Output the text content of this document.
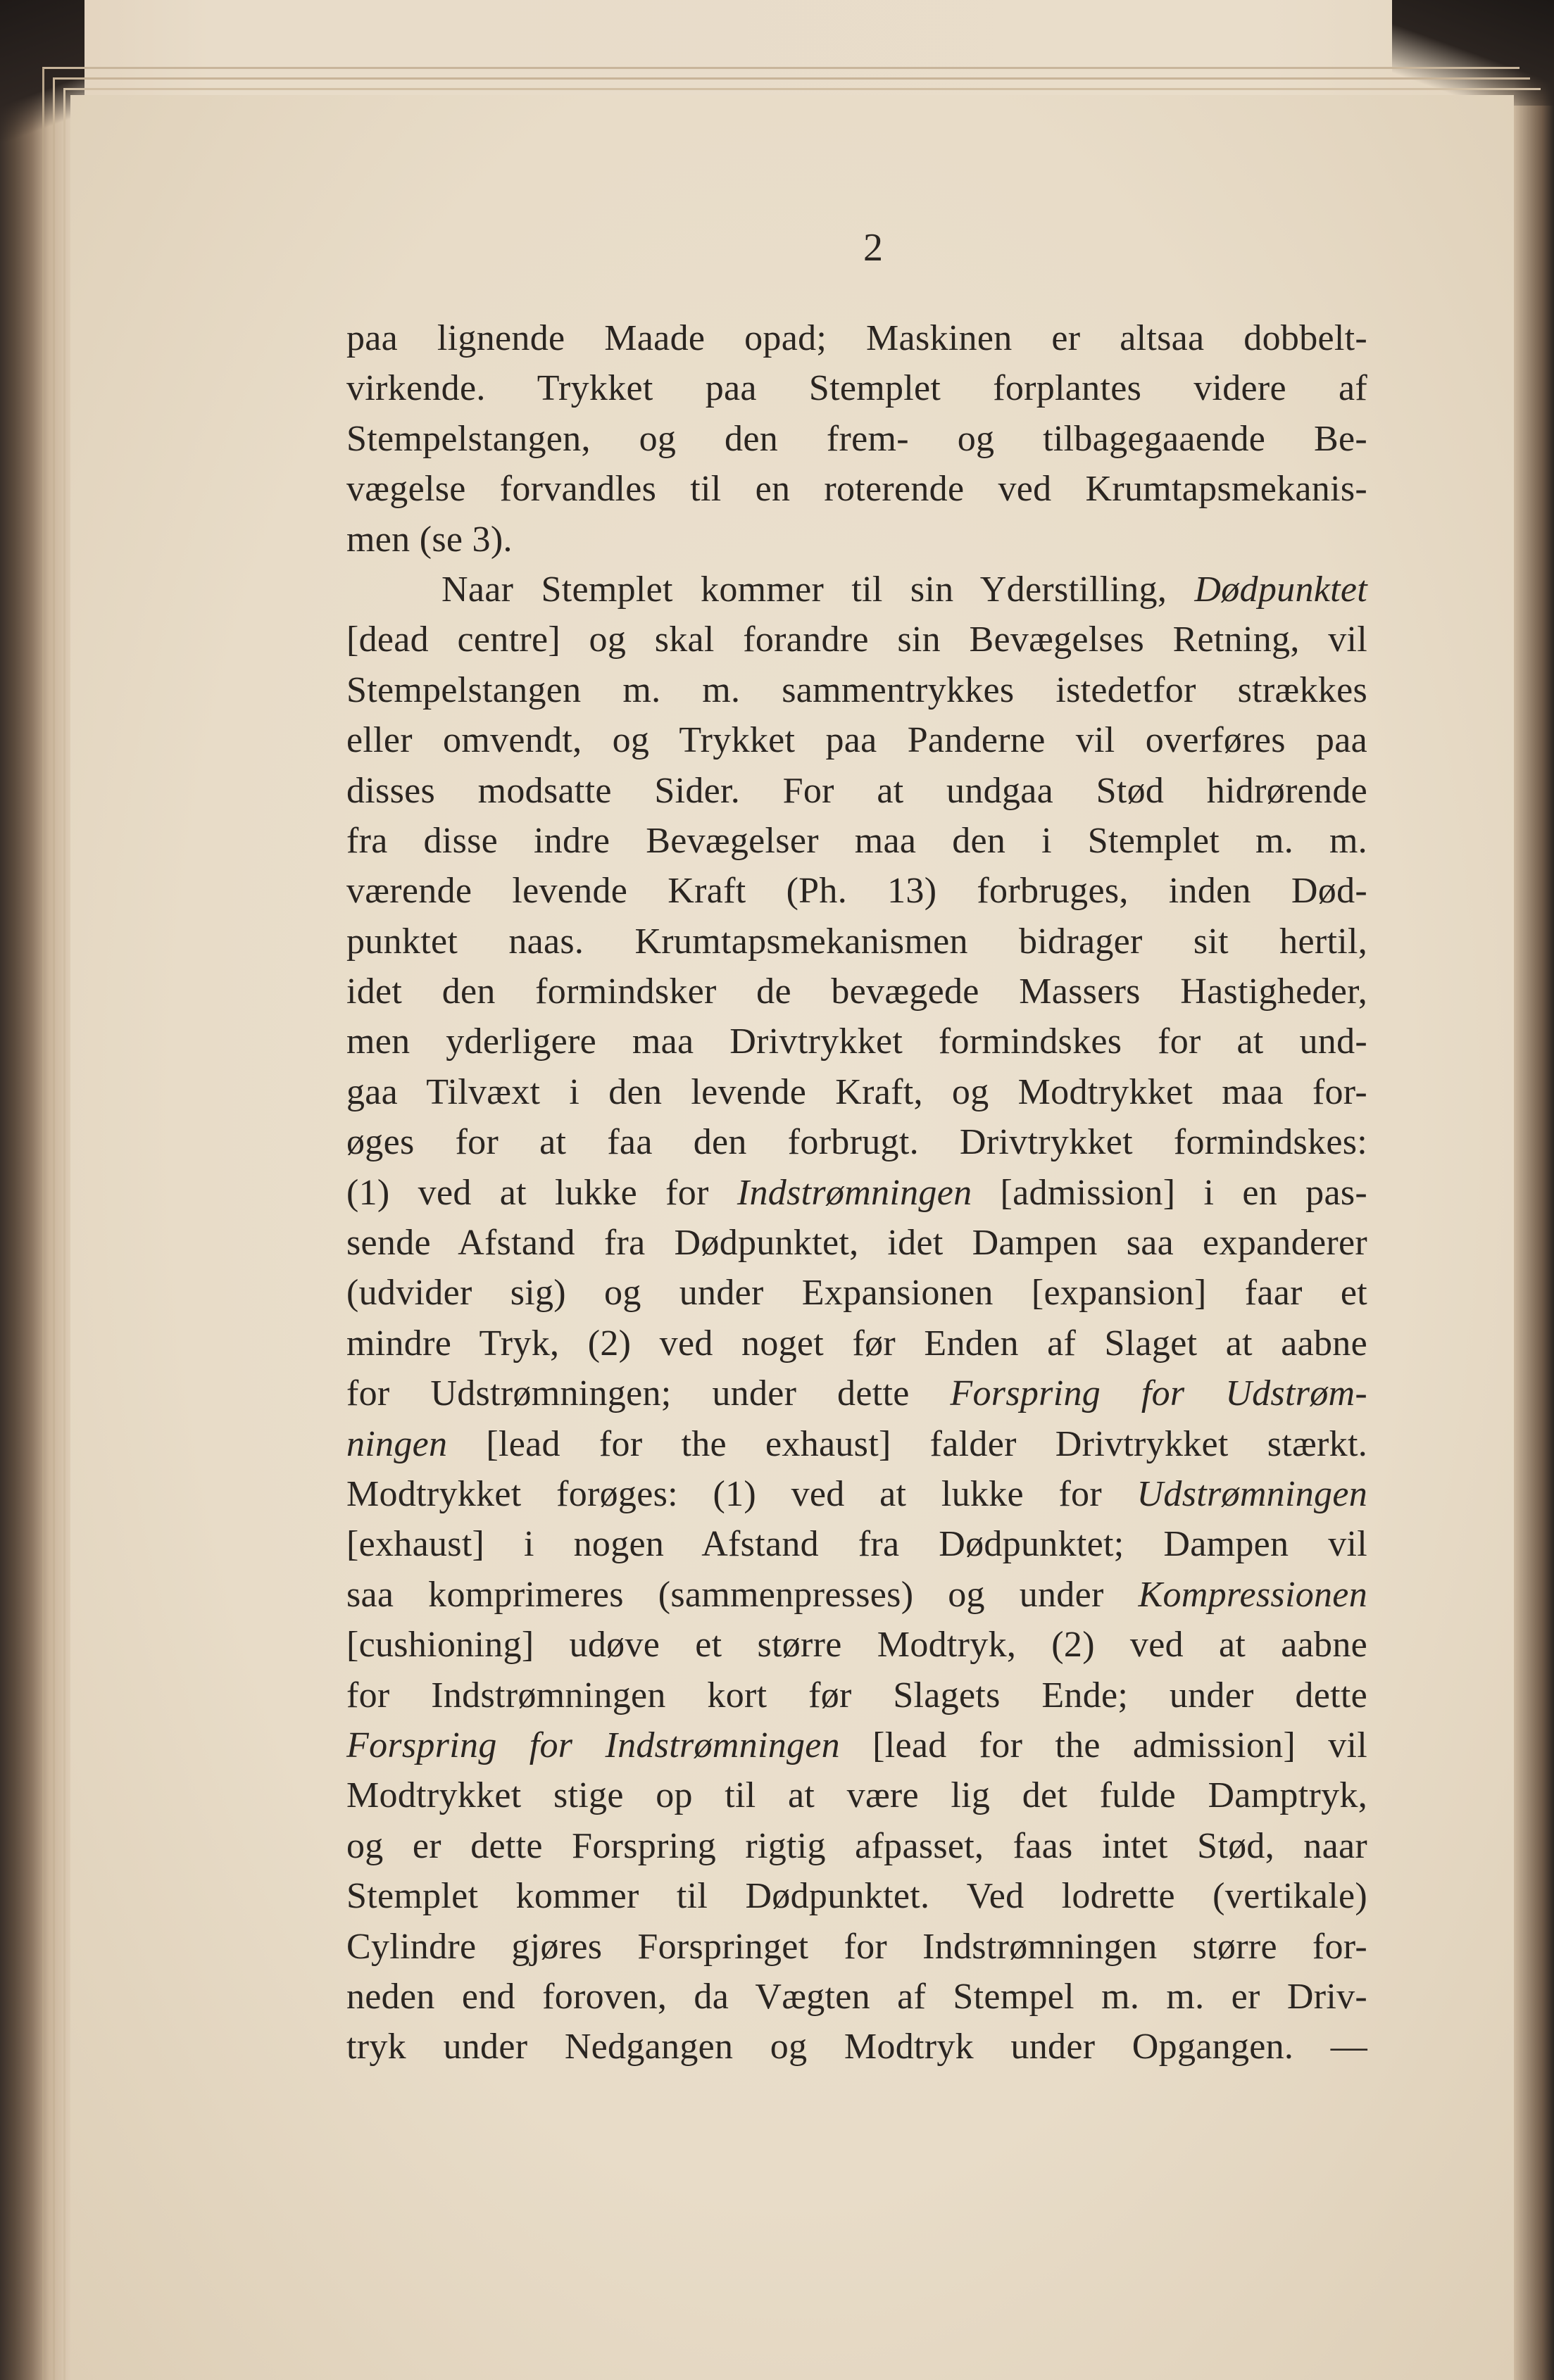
2
paa lignende Maade opad; Maskinen er altsaa dobbelt-
virkende. Trykket paa Stemplet forplantes videre af
Stempelstangen, og den frem- og tilbagegaaende Be-
vægelse forvandles til en roterende ved Krumtapsmekanis-
men (se 3).
Naar Stemplet kommer til sin Yderstilling, Dødpunktet
[dead centre] og skal forandre sin Bevægelses Retning, vil
Stempelstangen m. m. sammentrykkes istedetfor strækkes
eller omvendt, og Trykket paa Panderne vil overføres paa
disses modsatte Sider. For at undgaa Stød hidrørende
fra disse indre Bevægelser maa den i Stemplet m. m.
værende levende Kraft (Ph. 13) forbruges, inden Død-
punktet naas. Krumtapsmekanismen bidrager sit hertil,
idet den formindsker de bevægede Massers Hastigheder,
men yderligere maa Drivtrykket formindskes for at und-
gaa Tilvæxt i den levende Kraft, og Modtrykket maa for-
øges for at faa den forbrugt. Drivtrykket formindskes:
(1) ved at lukke for Indstrømningen [admission] i en pas-
sende Afstand fra Dødpunktet, idet Dampen saa expanderer
(udvider sig) og under Expansionen [expansion] faar et
mindre Tryk, (2) ved noget før Enden af Slaget at aabne
for Udstrømningen; under dette Forspring for Udstrøm-
ningen [lead for the exhaust] falder Drivtrykket stærkt.
Modtrykket forøges: (1) ved at lukke for Udstrømningen
[exhaust] i nogen Afstand fra Dødpunktet; Dampen vil
saa komprimeres (sammenpresses) og under Kompressionen
[cushioning] udøve et større Modtryk, (2) ved at aabne
for Indstrømningen kort før Slagets Ende; under dette
Forspring for Indstrømningen [lead for the admission] vil
Modtrykket stige op til at være lig det fulde Damptryk,
og er dette Forspring rigtig afpasset, faas intet Stød, naar
Stemplet kommer til Dødpunktet. Ved lodrette (vertikale)
Cylindre gjøres Forspringet for Indstrømningen større for-
neden end foroven, da Vægten af Stempel m. m. er Driv-
tryk under Nedgangen og Modtryk under Opgangen. —
